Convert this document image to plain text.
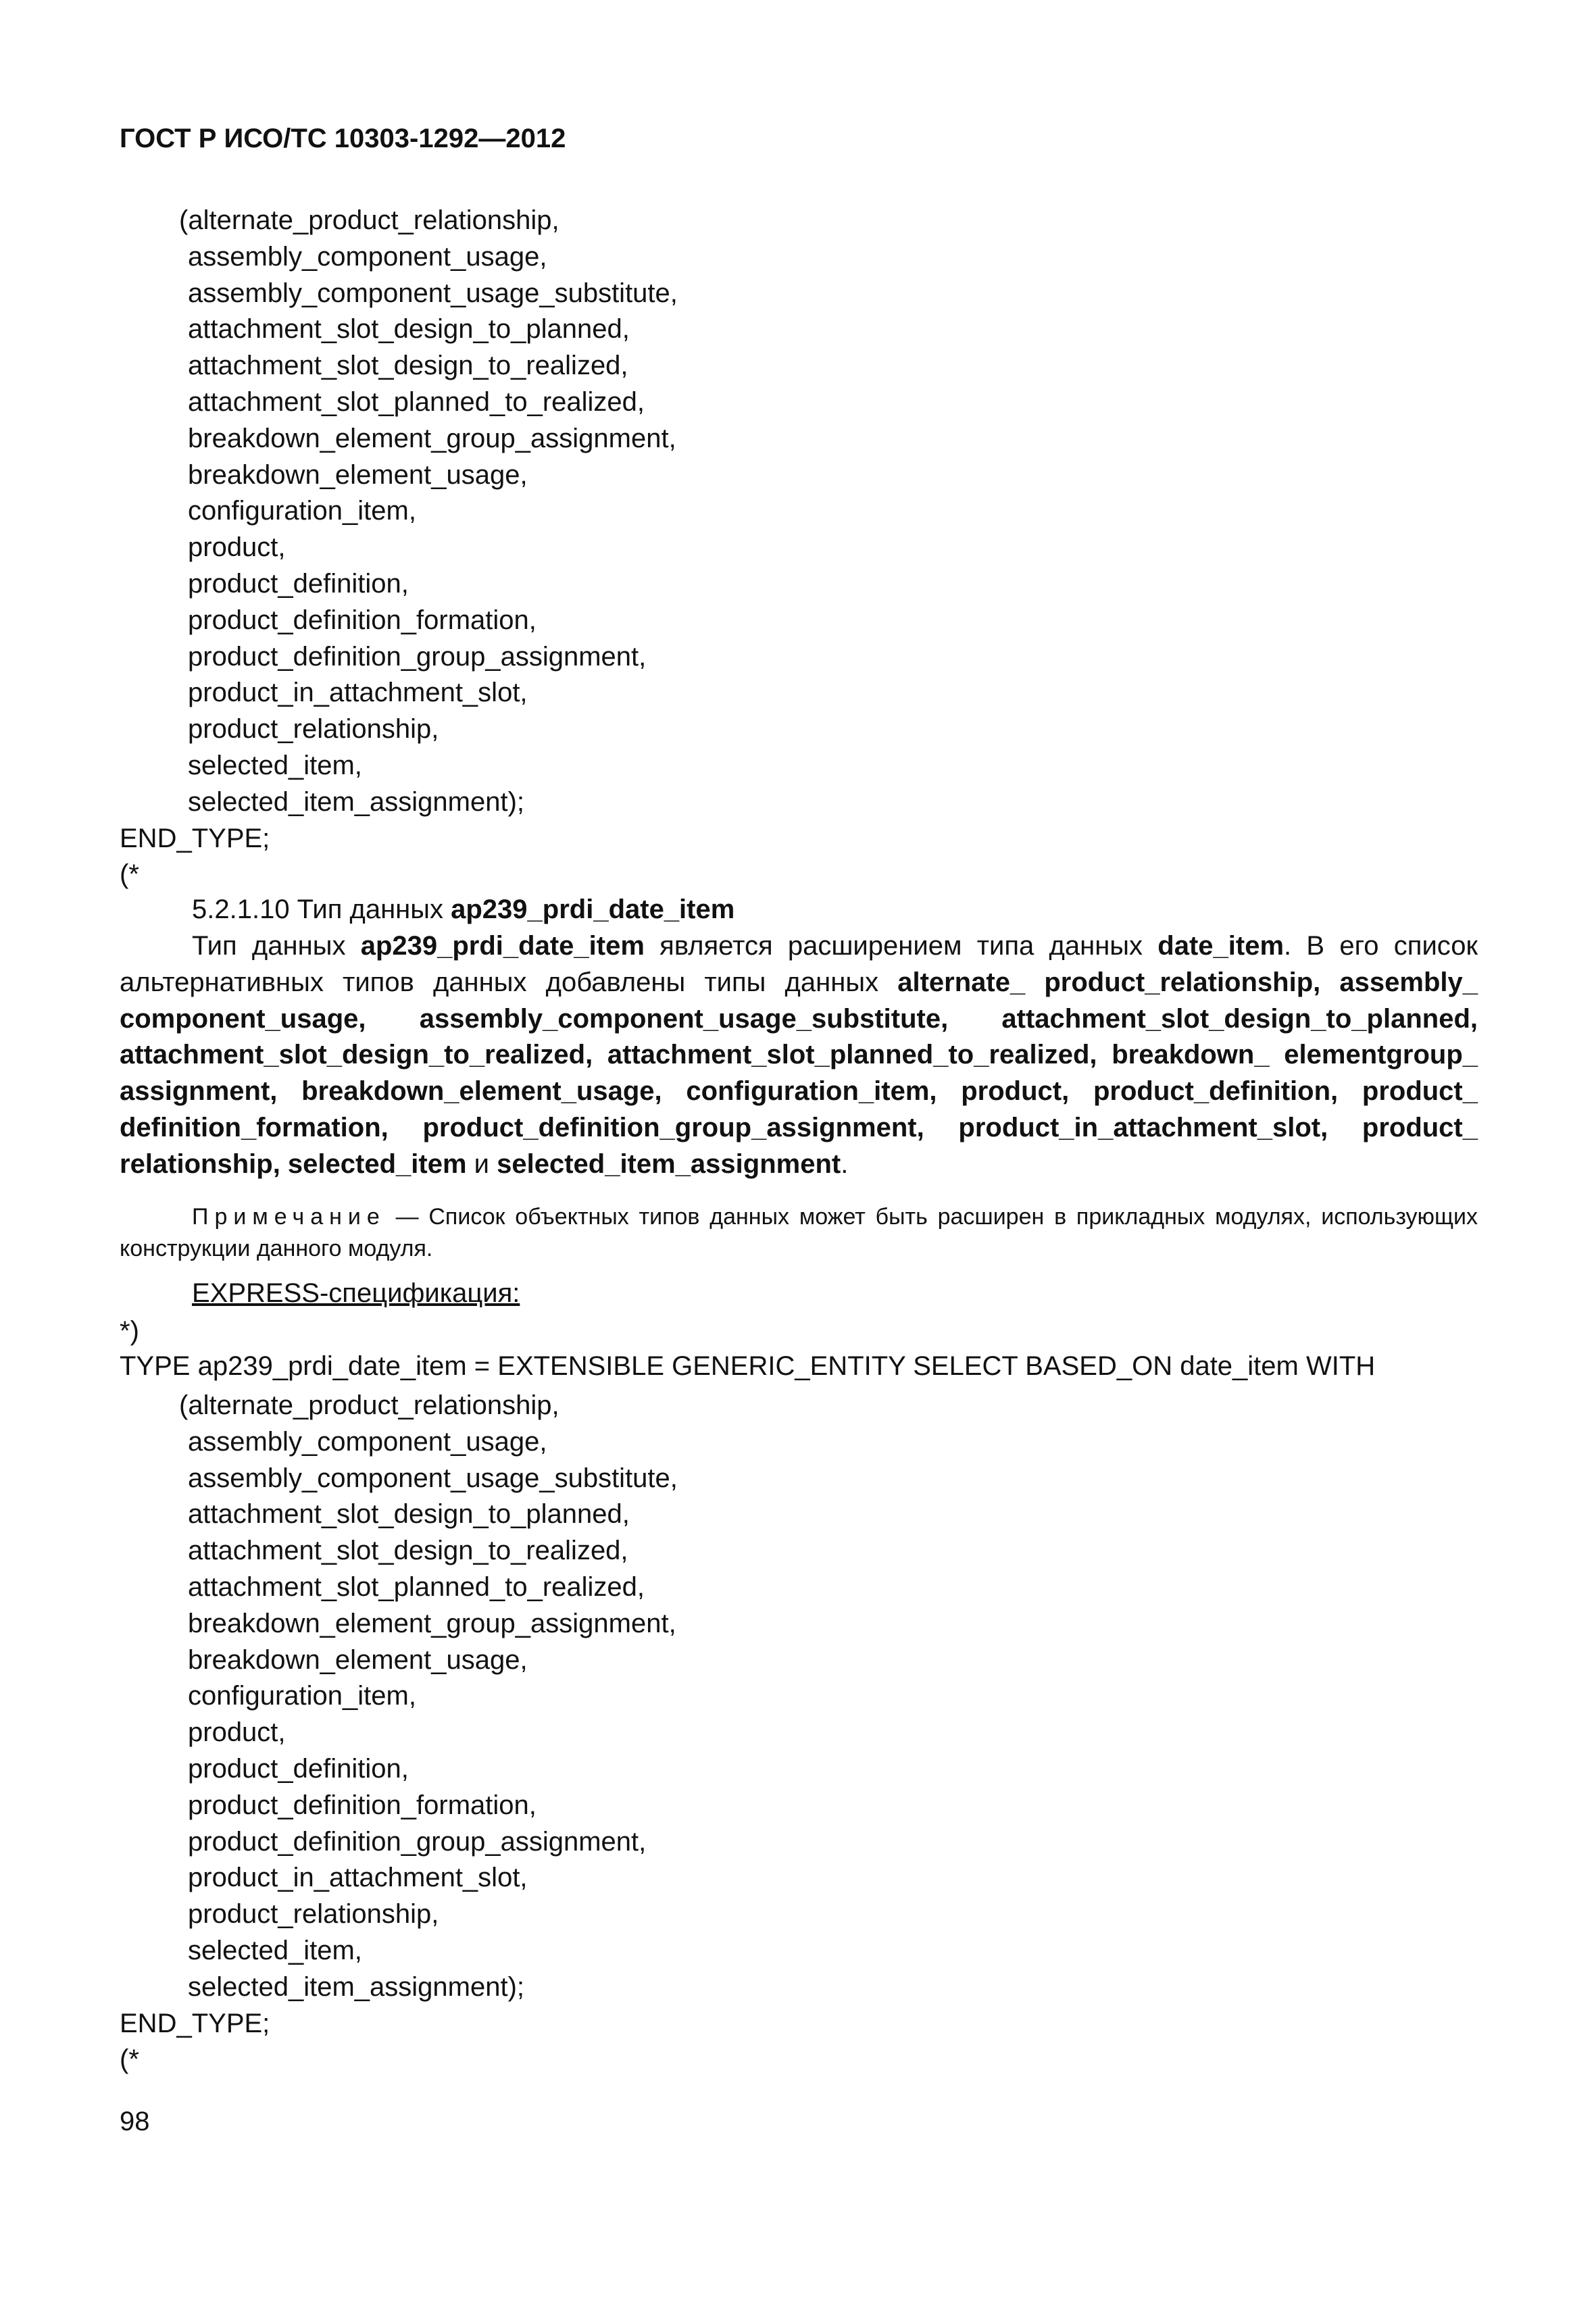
ГОСТ Р ИСО/ТС 10303-1292—2012
(alternate_product_relationship,
assembly_component_usage,
assembly_component_usage_substitute,
attachment_slot_design_to_planned,
attachment_slot_design_to_realized,
attachment_slot_planned_to_realized,
breakdown_element_group_assignment,
breakdown_element_usage,
configuration_item,
product,
product_definition,
product_definition_formation,
product_definition_group_assignment,
product_in_attachment_slot,
product_relationship,
selected_item,
selected_item_assignment);
END_TYPE;
(*
5.2.1.10 Тип данных ap239_prdi_date_item
Тип данных ap239_prdi_date_item является расширением типа данных date_item. В его список альтернативных типов данных добавлены типы данных alternate_ product_relationship, assembly_ component_usage, assembly_component_usage_substitute, attachment_slot_design_to_planned, attachment_slot_design_to_realized, attachment_slot_planned_to_realized, breakdown_ elementgroup_ assignment, breakdown_element_usage, configuration_item, product, product_definition, product_ definition_formation, product_definition_group_assignment, product_in_attachment_slot, product_ relationship, selected_item и selected_item_assignment.
Примечание — Список объектных типов данных может быть расширен в прикладных модулях, использующих конструкции данного модуля.
EXPRESS-спецификация:
*)
TYPE ap239_prdi_date_item = EXTENSIBLE GENERIC_ENTITY SELECT BASED_ON date_item WITH
(alternate_product_relationship,
assembly_component_usage,
assembly_component_usage_substitute,
attachment_slot_design_to_planned,
attachment_slot_design_to_realized,
attachment_slot_planned_to_realized,
breakdown_element_group_assignment,
breakdown_element_usage,
configuration_item,
product,
product_definition,
product_definition_formation,
product_definition_group_assignment,
product_in_attachment_slot,
product_relationship,
selected_item,
selected_item_assignment);
END_TYPE;
(*
98
